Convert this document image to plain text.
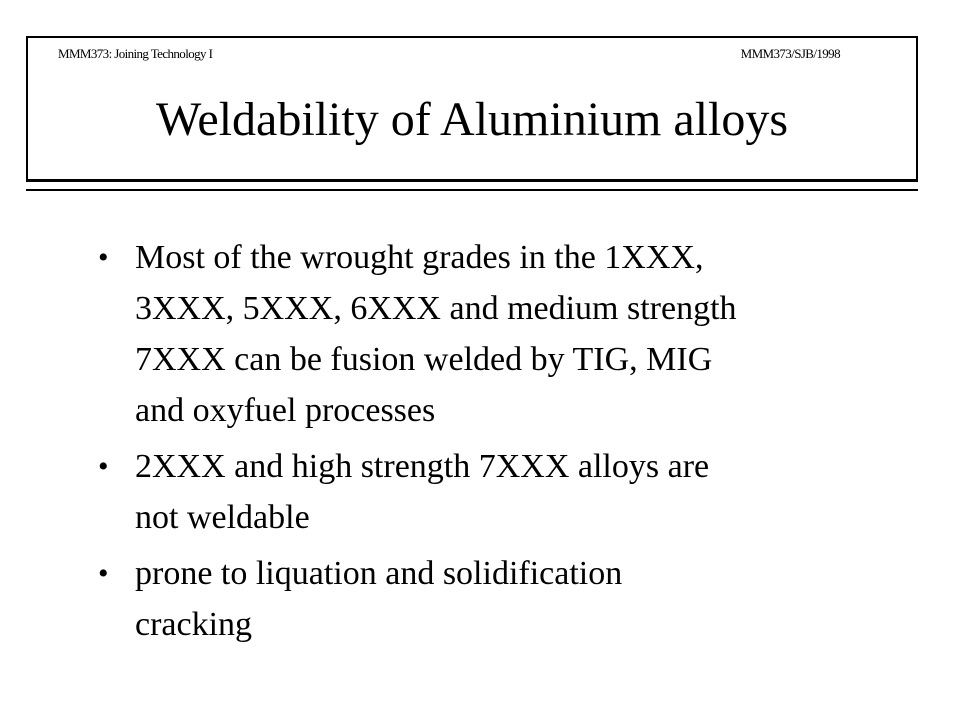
MMM373: Joining Technology I	MMM373/SJB/1998
Weldability of Aluminium alloys
• Most of the wrought grades in the 1XXX,
3XXX, 5XXX, 6XXX and medium strength
7XXX can be fusion welded by TIG, MIG
and oxyfuel processes
• 2XXX and high strength 7XXX alloys are
not weldable
• prone to liquation and solidification
cracking
